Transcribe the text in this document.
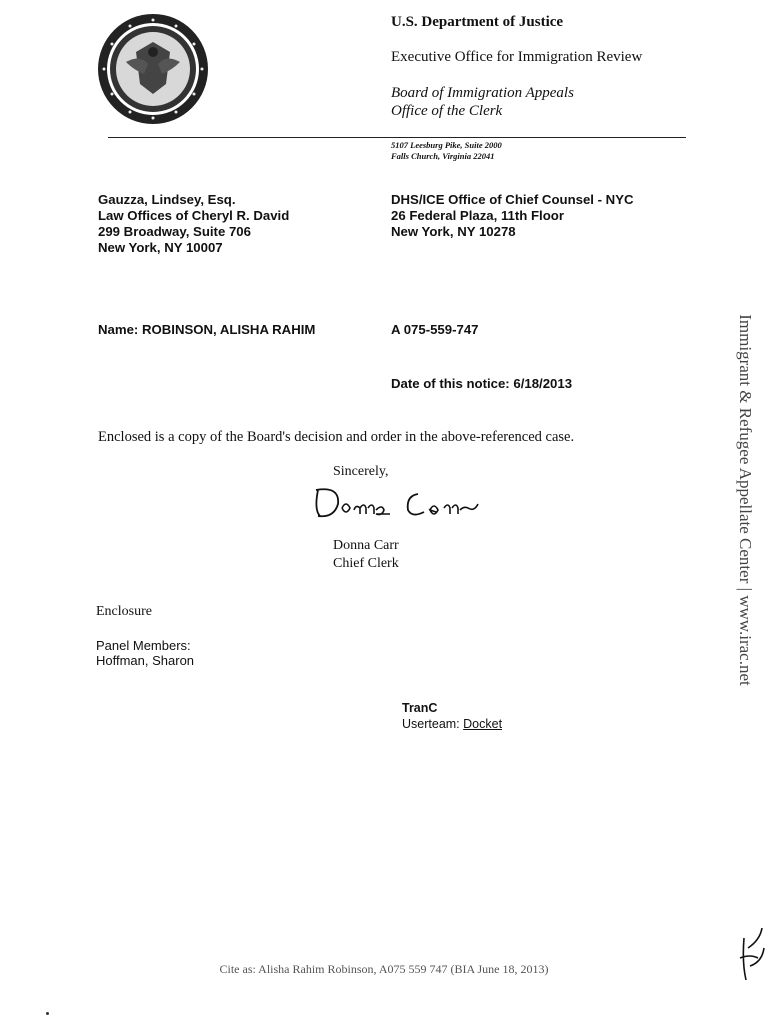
U.S. Department of Justice
Executive Office for Immigration Review
Board of Immigration Appeals
Office of the Clerk
5107 Leesburg Pike, Suite 2000
Falls Church, Virginia 22041
Gauzza, Lindsey, Esq.
Law Offices of Cheryl R. David
299 Broadway, Suite 706
New York, NY 10007
DHS/ICE Office of Chief Counsel - NYC
26 Federal Plaza, 11th Floor
New York, NY 10278
Name: ROBINSON, ALISHA RAHIM	A 075-559-747
Date of this notice: 6/18/2013
Enclosed is a copy of the Board's decision and order in the above-referenced case.
Sincerely,
Donna Carr
Chief Clerk
Enclosure
Panel Members:
Hoffman, Sharon
TranC
Userteam: Docket
Immigrant & Refugee Appellate Center | www.irac.net
Cite as: Alisha Rahim Robinson, A075 559 747 (BIA June 18, 2013)
